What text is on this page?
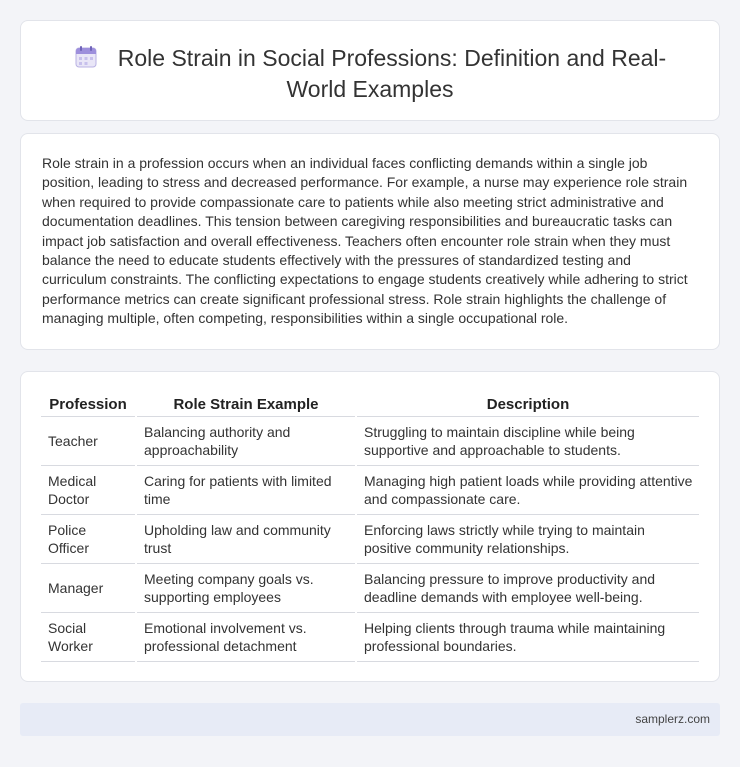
Role Strain in Social Professions: Definition and Real-World Examples

Role strain in a profession occurs when an individual faces conflicting demands within a single job position, leading to stress and decreased performance. For example, a nurse may experience role strain when required to provide compassionate care to patients while also meeting strict administrative and documentation deadlines. This tension between caregiving responsibilities and bureaucratic tasks can impact job satisfaction and overall effectiveness. Teachers often encounter role strain when they must balance the need to educate students effectively with the pressures of standardized testing and curriculum constraints. The conflicting expectations to engage students creatively while adhering to strict performance metrics can create significant professional stress. Role strain highlights the challenge of managing multiple, often competing, responsibilities within a single occupational role.

Profession	Role Strain Example	Description
Teacher	Balancing authority and approachability	Struggling to maintain discipline while being supportive and approachable to students.
Medical Doctor	Caring for patients with limited time	Managing high patient loads while providing attentive and compassionate care.
Police Officer	Upholding law and community trust	Enforcing laws strictly while trying to maintain positive community relationships.
Manager	Meeting company goals vs. supporting employees	Balancing pressure to improve productivity and deadline demands with employee well-being.
Social Worker	Emotional involvement vs. professional detachment	Helping clients through trauma while maintaining professional boundaries.
samplerz.com
